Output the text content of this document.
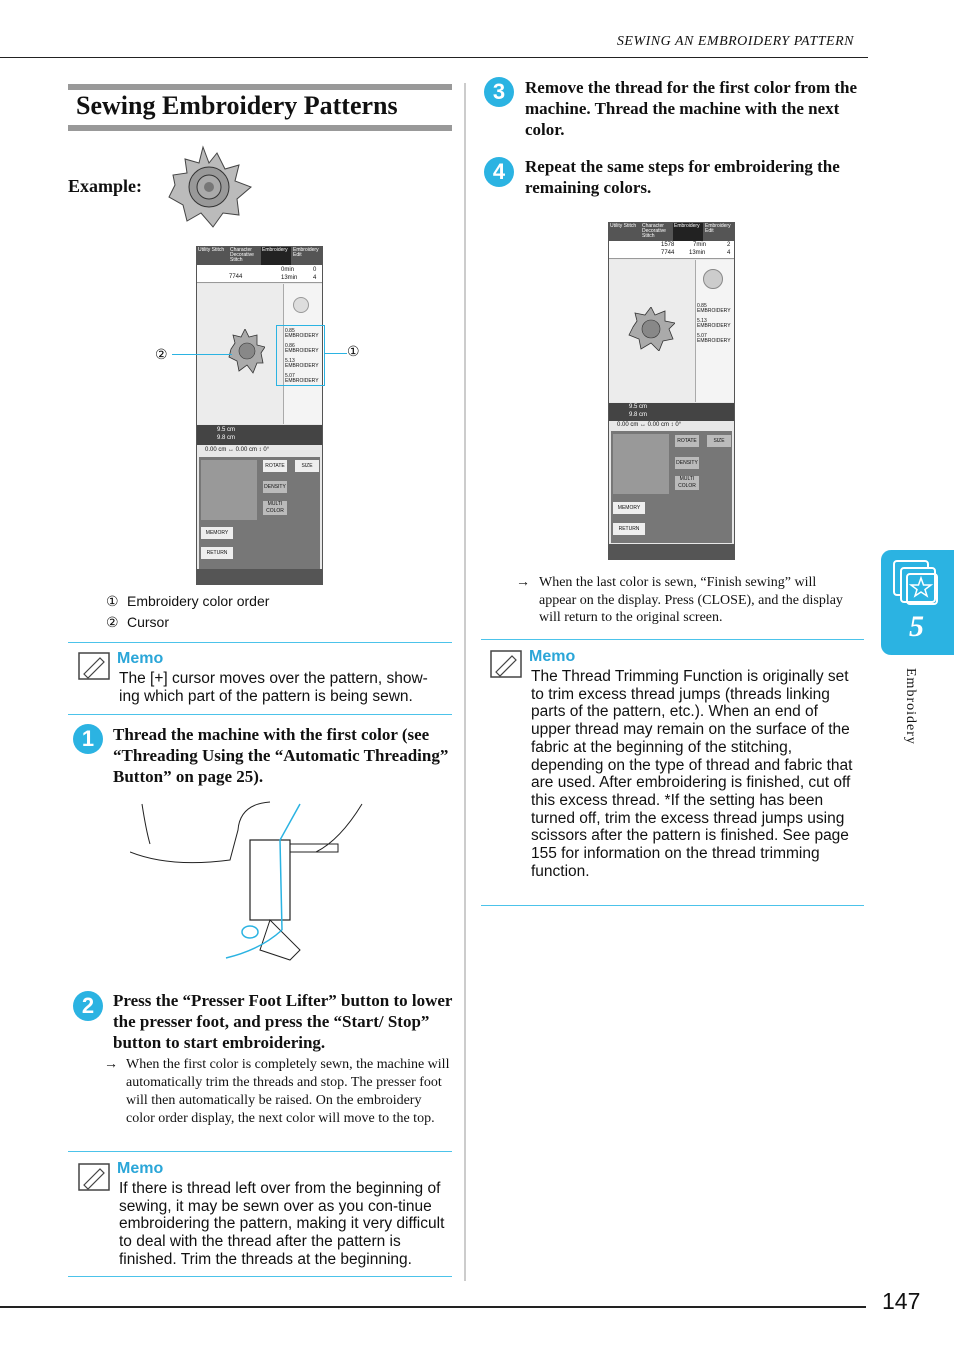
SEWING AN EMBROIDERY PATTERN
5
Embroidery
Sewing Embroidery Patterns
Example:
Utility Stitch	Character Decorative Stitch
Embroidery	Embroidery Edit
7744
0min
13min
0
4
0.85 EMBROIDERY
0.86 EMBROIDERY
5.13 EMBROIDERY
5.07 EMBROIDERY
9.5 cm
9.8 cm
0.00 cm ↔ 0.00 cm ↕ 0°
ROTATE	SIZE
DENSITY
MULTI COLOR
MEMORY
RETURN
①
②
① Embroidery color order
② Cursor
Memo
The [+] cursor moves over the pattern, show-ing which part of the pattern is being sewn.
1	Thread the machine with the first color (see “Threading Using the “Automatic Threading” Button” on page 25).
2	Press the “Presser Foot Lifter” button to lower the presser foot, and press the “Start/ Stop” button to start embroidering.
→ When the first color is completely sewn, the machine will automatically trim the threads and stop. The presser foot will then automatically be raised. On the embroidery color order display, the next color will move to the top.
Memo
If there is thread left over from the beginning of sewing, it may be sewn over as you con-tinue embroidering the pattern, making it very difficult to deal with the thread after the pattern is finished. Trim the threads at the beginning.
3	Remove the thread for the first color from the machine. Thread the machine with the next color.
4	Repeat the same steps for embroidering the remaining colors.
Utility Stitch	Character Decorative Stitch
Embroidery	Embroidery Edit
1578
7744
7min
13min
2
4
0.85 EMBROIDERY
5.13 EMBROIDERY
5.07 EMBROIDERY
9.5 cm
9.8 cm
0.00 cm ↔ 0.00 cm ↕ 0°
ROTATE	SIZE
DENSITY
MULTI COLOR
MEMORY
RETURN
→ When the last color is sewn, “Finish sewing” will appear on the display. Press (CLOSE), and the display will return to the original screen.
Memo
The Thread Trimming Function is originally set to trim excess thread jumps (threads linking parts of the pattern, etc.). When an end of upper thread may remain on the surface of the fabric at the beginning of the stitching, depending on the type of thread and fabric that are used. After embroidering is finished, cut off this excess thread. *If the setting has been turned off, trim the excess thread jumps using scissors after the pattern is finished. See page 155 for information on the thread trimming function.
147
